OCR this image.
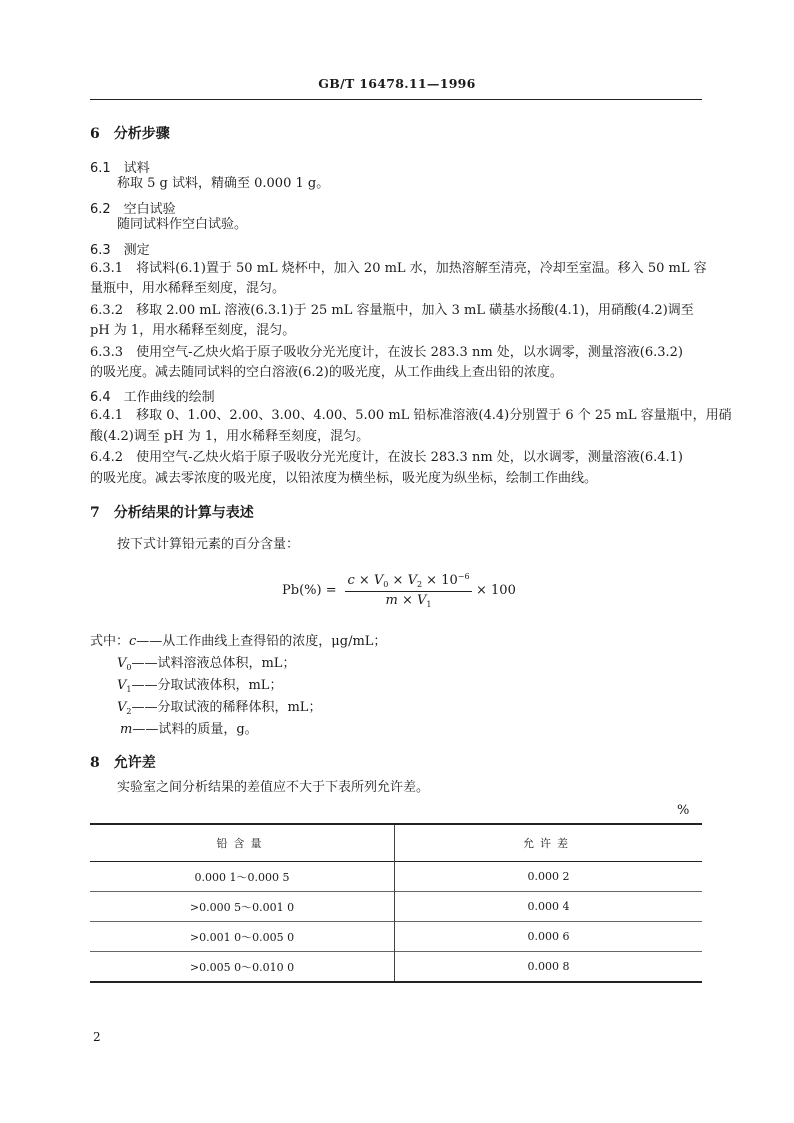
GB/T 16478.11—1996
6　分析步骤
6.1　试料
称取 5 g 试料，精确至 0.000 1 g。
6.2　空白试验
随同试料作空白试验。
6.3　测定
6.3.1　将试料(6.1)置于 50 mL 烧杯中，加入 20 mL 水，加热溶解至清亮，冷却至室温。移入 50 mL 容
量瓶中，用水稀释至刻度，混匀。
6.3.2　移取 2.00 mL 溶液(6.3.1)于 25 mL 容量瓶中，加入 3 mL 磺基水扬酸(4.1)，用硝酸(4.2)调至
pH 为 1，用水稀释至刻度，混匀。
6.3.3　使用空气-乙炔火焰于原子吸收分光光度计，在波长 283.3 nm 处，以水调零，测量溶液(6.3.2)
的吸光度。减去随同试料的空白溶液(6.2)的吸光度，从工作曲线上查出铅的浓度。
6.4　工作曲线的绘制
6.4.1　移取 0、1.00、2.00、3.00、4.00、5.00 mL 铅标准溶液(4.4)分别置于 6 个 25 mL 容量瓶中，用硝
酸(4.2)调至 pH 为 1，用水稀释至刻度，混匀。
6.4.2　使用空气-乙炔火焰于原子吸收分光光度计，在波长 283.3 nm 处，以水调零，测量溶液(6.4.1)
的吸光度。减去零浓度的吸光度，以铅浓度为横坐标，吸光度为纵坐标，绘制工作曲线。
7　分析结果的计算与表述
按下式计算铅元素的百分含量：
Pb(%) =
$c \times V_0 \times V_2 \times 10^{-6}$
$m \times V_1$
× 100
式中：c——从工作曲线上查得铅的浓度，μg/mL；
$V_0——$试料溶液总体积，mL；
$V_1——$分取试液体积，mL；
$V_2——$分取试液的稀释体积，mL；
m——试料的质量，g。
8　允许差
实验室之间分析结果的差值应不大于下表所列允许差。
%
铅含量	允许差
0.000 1～0.000 5	0.000 2
>0.000 5～0.001 0	0.000 4
>0.001 0～0.005 0	0.000 6
>0.005 0～0.010 0	0.000 8
2
